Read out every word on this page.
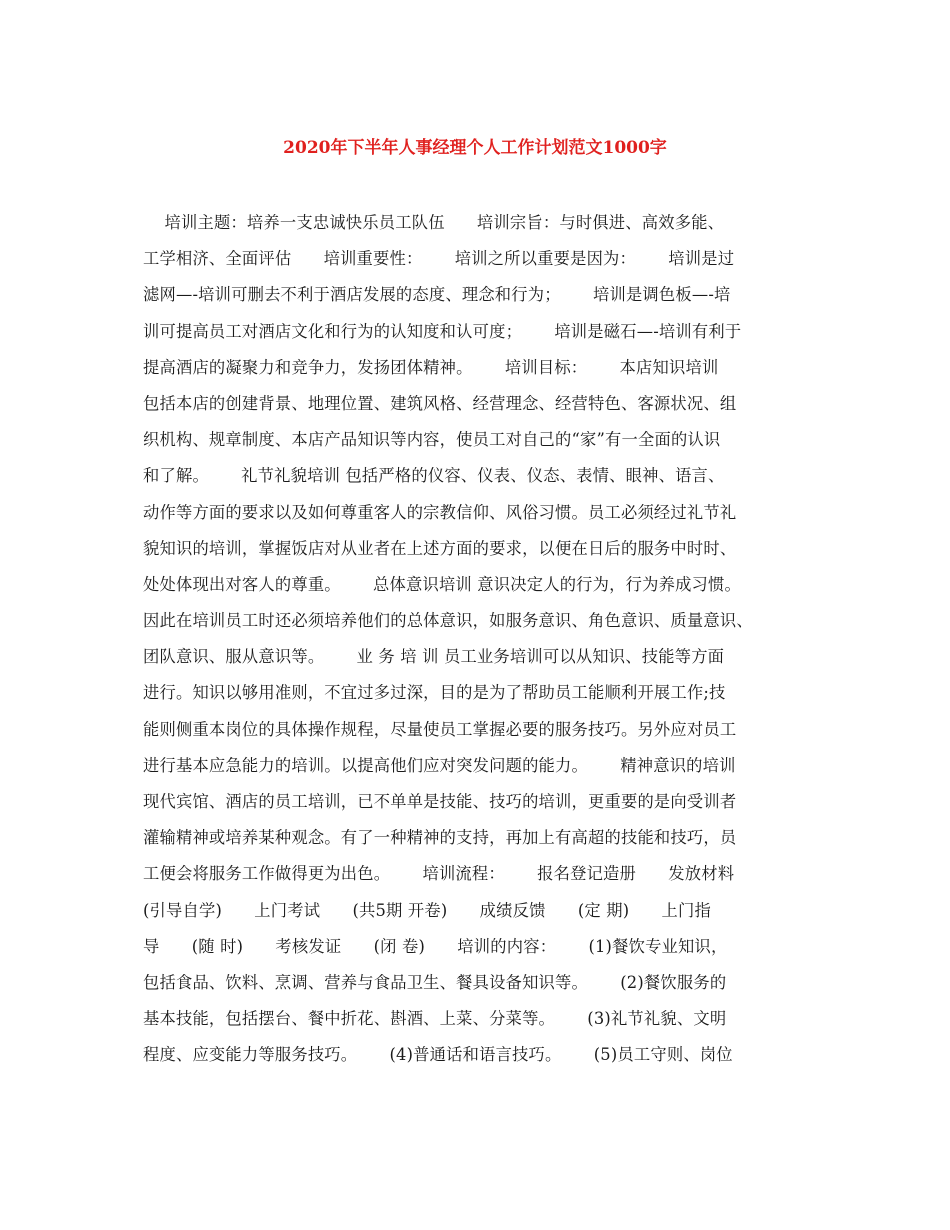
2020年下半年人事经理个人工作计划范文1000字
培训主题：培养一支忠诚快乐员工队伍      培训宗旨：与时俱进、高效多能、
工学相济、全面评估      培训重要性：      培训之所以重要是因为：      培训是过
滤网—-培训可删去不利于酒店发展的态度、理念和行为；      培训是调色板—-培
训可提高员工对酒店文化和行为的认知度和认可度；      培训是磁石—-培训有利于
提高酒店的凝聚力和竞争力，发扬团体精神。      培训目标：      本店知识培训
包括本店的创建背景、地理位置、建筑风格、经营理念、经营特色、客源状况、组
织机构、规章制度、本店产品知识等内容，使员工对自己的“家”有一全面的认识
和了解。      礼节礼貌培训 包括严格的仪容、仪表、仪态、表情、眼神、语言、
动作等方面的要求以及如何尊重客人的宗教信仰、风俗习惯。员工必须经过礼节礼
貌知识的培训，掌握饭店对从业者在上述方面的要求，以便在日后的服务中时时、
处处体现出对客人的尊重。      总体意识培训 意识决定人的行为，行为养成习惯。
因此在培训员工时还必须培养他们的总体意识，如服务意识、角色意识、质量意识、
团队意识、服从意识等。      业 务 培 训 员工业务培训可以从知识、技能等方面
进行。知识以够用准则，不宜过多过深，目的是为了帮助员工能顺利开展工作;技
能则侧重本岗位的具体操作规程，尽量使员工掌握必要的服务技巧。另外应对员工
进行基本应急能力的培训。以提高他们应对突发问题的能力。      精神意识的培训
现代宾馆、酒店的员工培训，已不单单是技能、技巧的培训，更重要的是向受训者
灌输精神或培养某种观念。有了一种精神的支持，再加上有高超的技能和技巧，员
工便会将服务工作做得更为出色。      培训流程：      报名登记造册      发放材料
(引导自学)      上门考试      (共5期 开卷)      成绩反馈      (定 期)      上门指
导      (随 时)      考核发证      (闭 卷)      培训的内容：      (1)餐饮专业知识，
包括食品、饮料、烹调、营养与食品卫生、餐具设备知识等。      (2)餐饮服务的
基本技能，包括摆台、餐中折花、斟酒、上菜、分菜等。      (3)礼节礼貌、文明
程度、应变能力等服务技巧。      (4)普通话和语言技巧。      (5)员工守则、岗位
